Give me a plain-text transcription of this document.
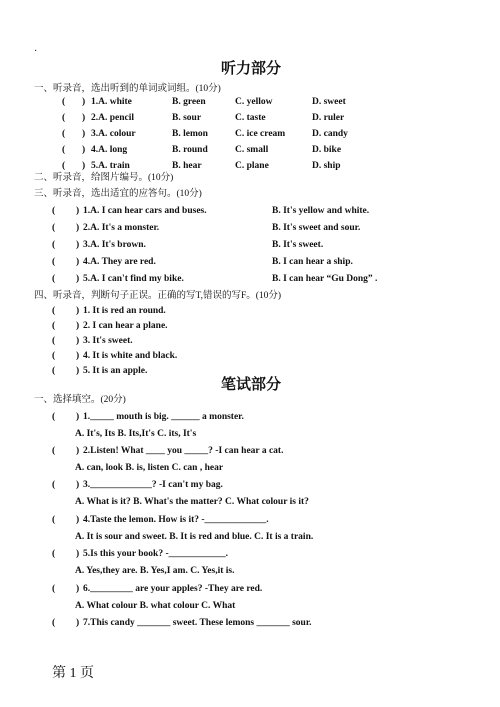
·
听力部分
一、听录音，选出听到的单词或词组。(10分)
( ) 1.A. white	B. green	C. yellow	D. sweet
( ) 2.A. pencil	B. sour	C. taste	D. ruler
( ) 3.A. colour	B. lemon	C. ice cream	D. candy
( ) 4.A. long	B. round	C. small	D. bike
( ) 5.A. train	B. hear	C. plane	D. ship
二、听录音，给图片编号。(10分)
三、听录音，选出适宜的应答句。(10分)
( ) 1.A. I can hear cars and buses.	B. It's yellow and white.
( ) 2.A. It's a monster.	B. It's sweet and sour.
( ) 3.A. It's brown.	B. It's sweet.
( ) 4.A. They are red.	B. I can hear a ship.
( ) 5.A. I can't find my bike.	B. I can hear “Gu Dong” .
四、听录音，判断句子正误。正确的写T,错误的写F。(10分)
( ) 1. It is red an round.
( ) 2. I can hear a plane.
( ) 3. It's sweet.
( ) 4. It is white and black.
( ) 5. It is an apple.
笔试部分
一、选择填空。(20分)
( ) 1._____ mouth is big. ______ a monster.
A. It's, Its B. Its,It's C. its, It's
( ) 2.Listen! What ____ you _____? -I can hear a cat.
A. can, look B. is, listen C. can , hear
( ) 3._____________? -I can't my bag.
A. What is it? B. What's the matter? C. What colour is it?
( ) 4.Taste the lemon. How is it? -_____________.
A. It is sour and sweet. B. It is red and blue. C. It is a train.
( ) 5.Is this your book? -____________.
A. Yes,they are. B. Yes,I am. C. Yes,it is.
( ) 6._________ are your apples? -They are red.
A. What colour B. what colour C. What
( ) 7.This candy _______ sweet. These lemons _______ sour.
第 1 页
